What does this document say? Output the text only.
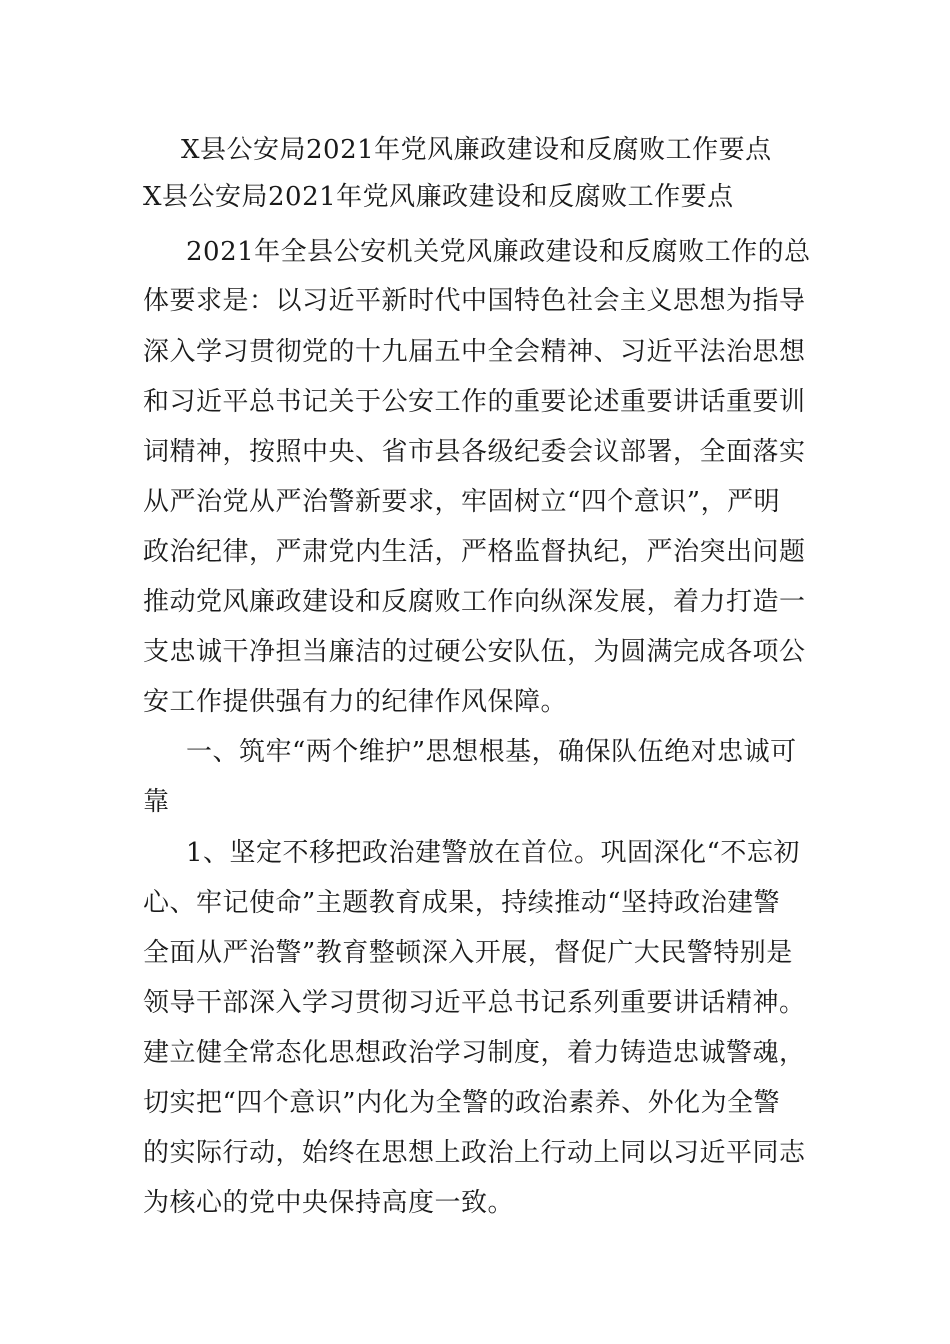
X县公安局2021年党风廉政建设和反腐败工作要点
X县公安局2021年党风廉政建设和反腐败工作要点
2021年全县公安机关党风廉政建设和反腐败工作的总
体要求是：以习近平新时代中国特色社会主义思想为指导
深入学习贯彻党的十九届五中全会精神、习近平法治思想
和习近平总书记关于公安工作的重要论述重要讲话重要训
词精神，按照中央、省市县各级纪委会议部署，全面落实
从严治党从严治警新要求，牢固树立“四个意识”，严明
政治纪律，严肃党内生活，严格监督执纪，严治突出问题
推动党风廉政建设和反腐败工作向纵深发展，着力打造一
支忠诚干净担当廉洁的过硬公安队伍，为圆满完成各项公
安工作提供强有力的纪律作风保障。
一、筑牢“两个维护”思想根基，确保队伍绝对忠诚可
靠
1、坚定不移把政治建警放在首位。巩固深化“不忘初
心、牢记使命”主题教育成果，持续推动“坚持政治建警
全面从严治警”教育整顿深入开展，督促广大民警特别是
领导干部深入学习贯彻习近平总书记系列重要讲话精神。
建立健全常态化思想政治学习制度，着力铸造忠诚警魂，
切实把“四个意识”内化为全警的政治素养、外化为全警
的实际行动，始终在思想上政治上行动上同以习近平同志
为核心的党中央保持高度一致。
